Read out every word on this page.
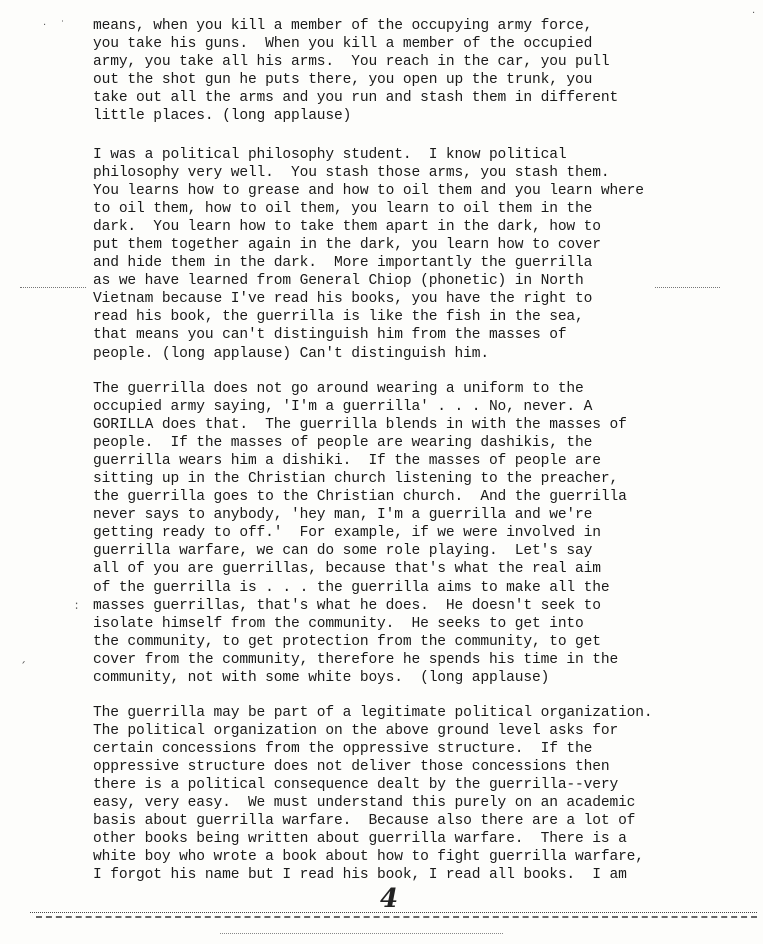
means, when you kill a member of the occupying army force,
you take his guns.  When you kill a member of the occupied
army, you take all his arms.  You reach in the car, you pull
out the shot gun he puts there, you open up the trunk, you
take out all the arms and you run and stash them in different
little places. (long applause)
I was a political philosophy student.  I know political
philosophy very well.  You stash those arms, you stash them.
You learns how to grease and how to oil them and you learn where
to oil them, how to oil them, you learn to oil them in the
dark.  You learn how to take them apart in the dark, how to
put them together again in the dark, you learn how to cover
and hide them in the dark.  More importantly the guerrilla
as we have learned from General Chiop (phonetic) in North
Vietnam because I've read his books, you have the right to
read his book, the guerrilla is like the fish in the sea,
that means you can't distinguish him from the masses of
people. (long applause) Can't distinguish him.
The guerrilla does not go around wearing a uniform to the
occupied army saying, 'I'm a guerrilla' . . . No, never. A
GORILLA does that.  The guerrilla blends in with the masses of
people.  If the masses of people are wearing dashikis, the
guerrilla wears him a dishiki.  If the masses of people are
sitting up in the Christian church listening to the preacher,
the guerrilla goes to the Christian church.  And the guerrilla
never says to anybody, 'hey man, I'm a guerrilla and we're
getting ready to off.'  For example, if we were involved in
guerrilla warfare, we can do some role playing.  Let's say
all of you are guerrillas, because that's what the real aim
of the guerrilla is . . . the guerrilla aims to make all the
masses guerrillas, that's what he does.  He doesn't seek to
isolate himself from the community.  He seeks to get into
the community, to get protection from the community, to get
cover from the community, therefore he spends his time in the
community, not with some white boys.  (long applause)
The guerrilla may be part of a legitimate political organization.
The political organization on the above ground level asks for
certain concessions from the oppressive structure.  If the
oppressive structure does not deliver those concessions then
there is a political consequence dealt by the guerrilla--very
easy, very easy.  We must understand this purely on an academic
basis about guerrilla warfare.  Because also there are a lot of
other books being written about guerrilla warfare.  There is a
white boy who wrote a book about how to fight guerrilla warfare,
I forgot his name but I read his book, I read all books.  I am
4
· ˙
·
∶
ˊ
